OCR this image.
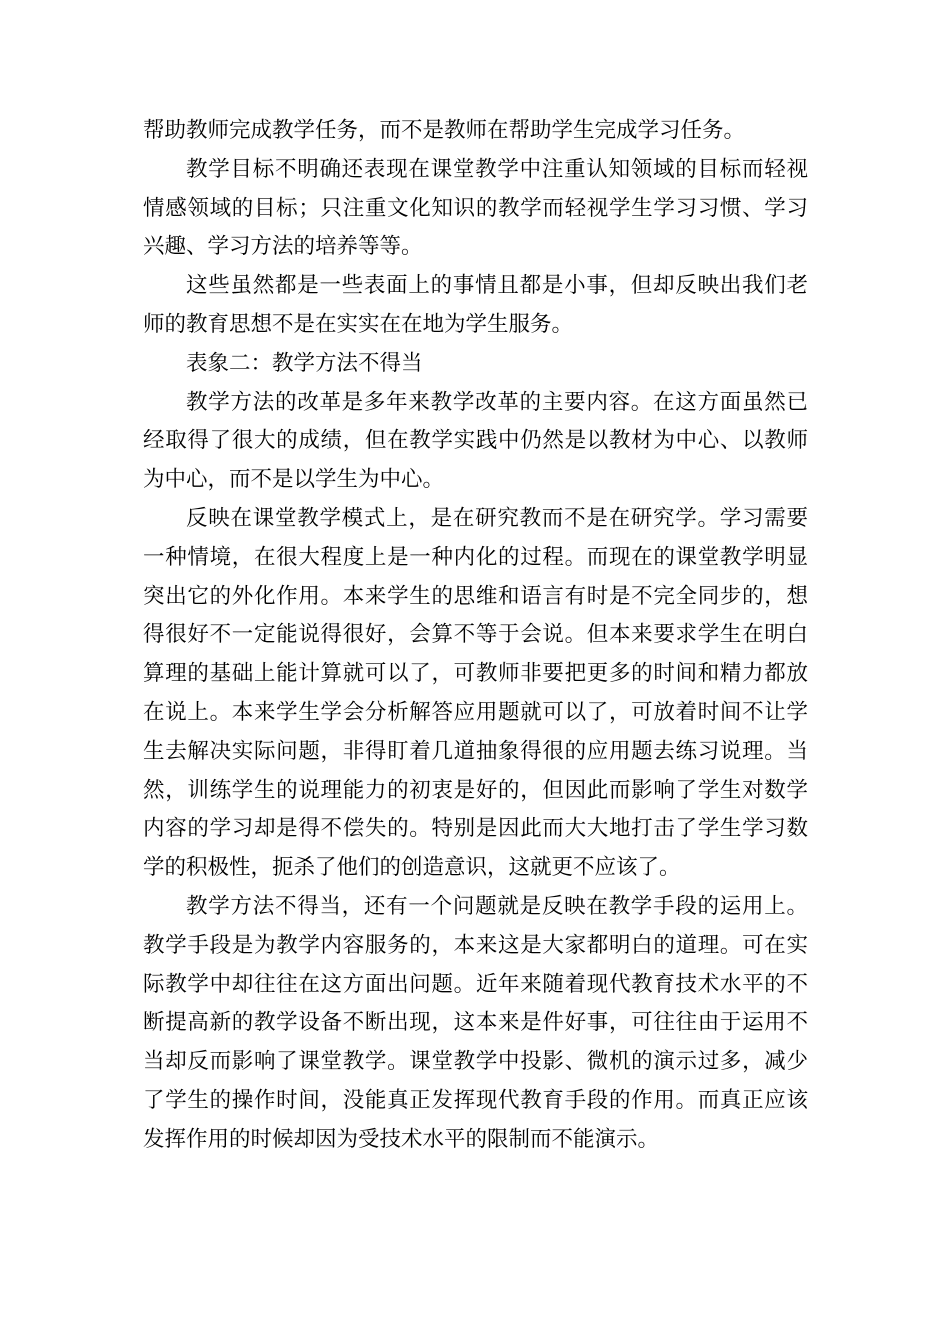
帮助教师完成教学任务，而不是教师在帮助学生完成学习任务。

教学目标不明确还表现在课堂教学中注重认知领域的目标而轻视情感领域的目标；只注重文化知识的教学而轻视学生学习习惯、学习兴趣、学习方法的培养等等。

这些虽然都是一些表面上的事情且都是小事，但却反映出我们老师的教育思想不是在实实在在地为学生服务。

表象二：教学方法不得当

教学方法的改革是多年来教学改革的主要内容。在这方面虽然已经取得了很大的成绩，但在教学实践中仍然是以教材为中心、以教师为中心，而不是以学生为中心。

反映在课堂教学模式上，是在研究教而不是在研究学。学习需要一种情境，在很大程度上是一种内化的过程。而现在的课堂教学明显突出它的外化作用。本来学生的思维和语言有时是不完全同步的，想得很好不一定能说得很好，会算不等于会说。但本来要求学生在明白算理的基础上能计算就可以了，可教师非要把更多的时间和精力都放在说上。本来学生学会分析解答应用题就可以了，可放着时间不让学生去解决实际问题，非得盯着几道抽象得很的应用题去练习说理。当然，训练学生的说理能力的初衷是好的，但因此而影响了学生对数学内容的学习却是得不偿失的。特别是因此而大大地打击了学生学习数学的积极性，扼杀了他们的创造意识，这就更不应该了。

教学方法不得当，还有一个问题就是反映在教学手段的运用上。教学手段是为教学内容服务的，本来这是大家都明白的道理。可在实际教学中却往往在这方面出问题。近年来随着现代教育技术水平的不断提高新的教学设备不断出现，这本来是件好事，可往往由于运用不当却反而影响了课堂教学。课堂教学中投影、微机的演示过多，减少了学生的操作时间，没能真正发挥现代教育手段的作用。而真正应该发挥作用的时候却因为受技术水平的限制而不能演示。
